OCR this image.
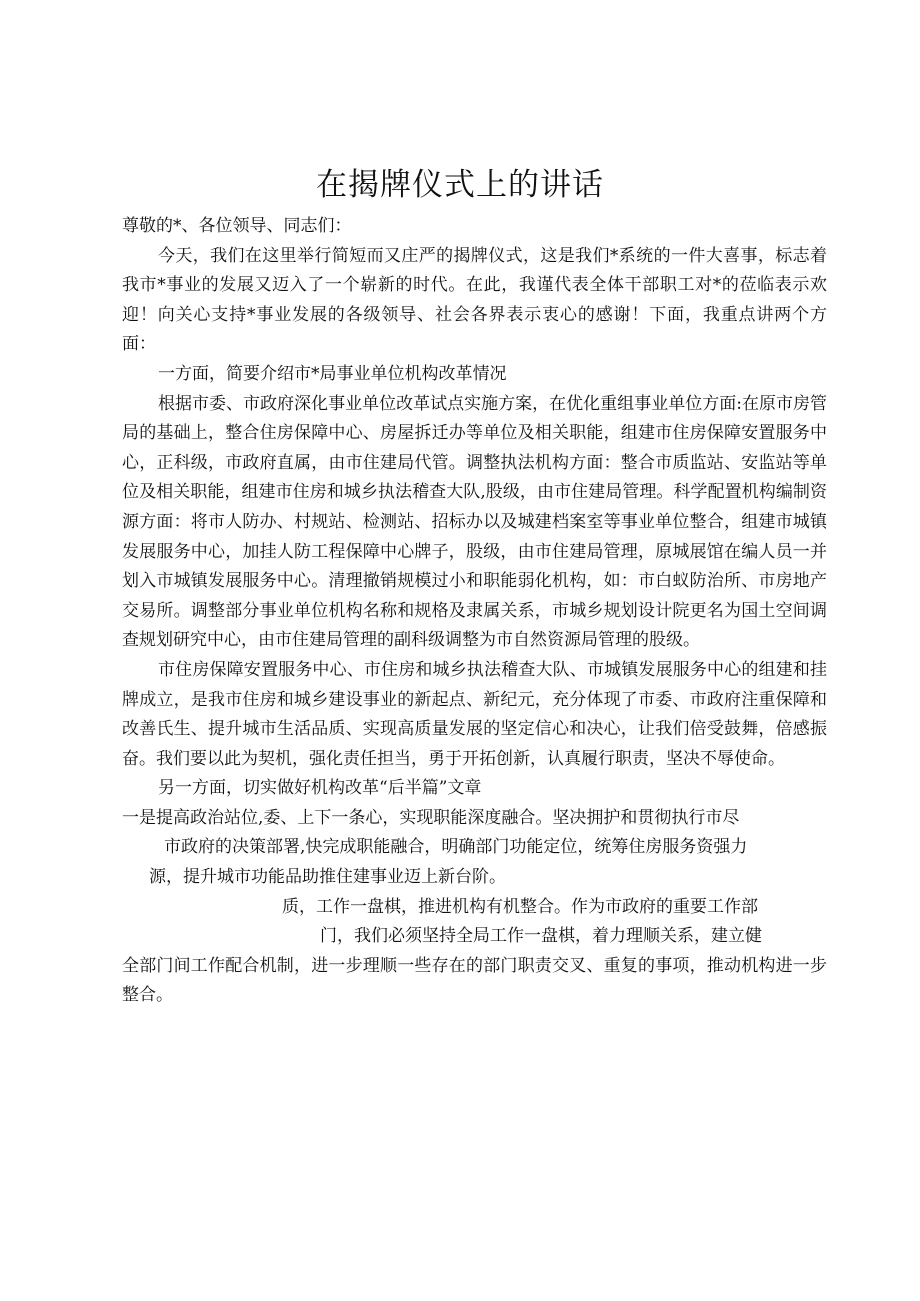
在揭牌仪式上的讲话

尊敬的*、各位领导、同志们：

今天，我们在这里举行简短而又庄严的揭牌仪式，这是我们*系统的一件大喜事，标志着我市*事业的发展又迈入了一个崭新的时代。在此，我谨代表全体干部职工对*的莅临表示欢迎！向关心支持*事业发展的各级领导、社会各界表示衷心的感谢！下面，我重点讲两个方面：

一方面，简要介绍市*局事业单位机构改革情况

根据市委、市政府深化事业单位改革试点实施方案，在优化重组事业单位方面:在原市房管局的基础上，整合住房保障中心、房屋拆迁办等单位及相关职能，组建市住房保障安置服务中心，正科级，市政府直属，由市住建局代管。调整执法机构方面：整合市质监站、安监站等单位及相关职能，组建市住房和城乡执法稽查大队,股级，由市住建局管理。科学配置机构编制资源方面：将市人防办、村规站、检测站、招标办以及城建档案室等事业单位整合，组建市城镇发展服务中心，加挂人防工程保障中心牌子，股级，由市住建局管理，原城展馆在编人员一并划入市城镇发展服务中心。清理撤销规模过小和职能弱化机构，如：市白蚁防治所、市房地产交易所。调整部分事业单位机构名称和规格及隶属关系，市城乡规划设计院更名为国土空间调查规划研究中心，由市住建局管理的副科级调整为市自然资源局管理的股级。

市住房保障安置服务中心、市住房和城乡执法稽查大队、市城镇发展服务中心的组建和挂牌成立，是我市住房和城乡建设事业的新起点、新纪元，充分体现了市委、市政府注重保障和改善氏生、提升城市生活品质、实现高质量发展的坚定信心和决心，让我们倍受鼓舞，倍感振奋。我们要以此为契机，强化责任担当，勇于开拓创新，认真履行职责，坚决不辱使命。

另一方面，切实做好机构改革“后半篇”文章

一是提高政治站位,委、上下一条心，实现职能深度融合。坚决拥护和贯彻执行市尽
市政府的决策部署,快完成职能融合，明确部门功能定位，统筹住房服务资强力
源，提升城市功能品助推住建事业迈上新台阶。
质，工作一盘棋，推进机构有机整合。作为市政府的重要工作部
门，我们必须坚持全局工作一盘棋，着力理顺关系，建立健

全部门间工作配合机制，进一步理顺一些存在的部门职责交叉、重复的事项，推动机构进一步整合。
